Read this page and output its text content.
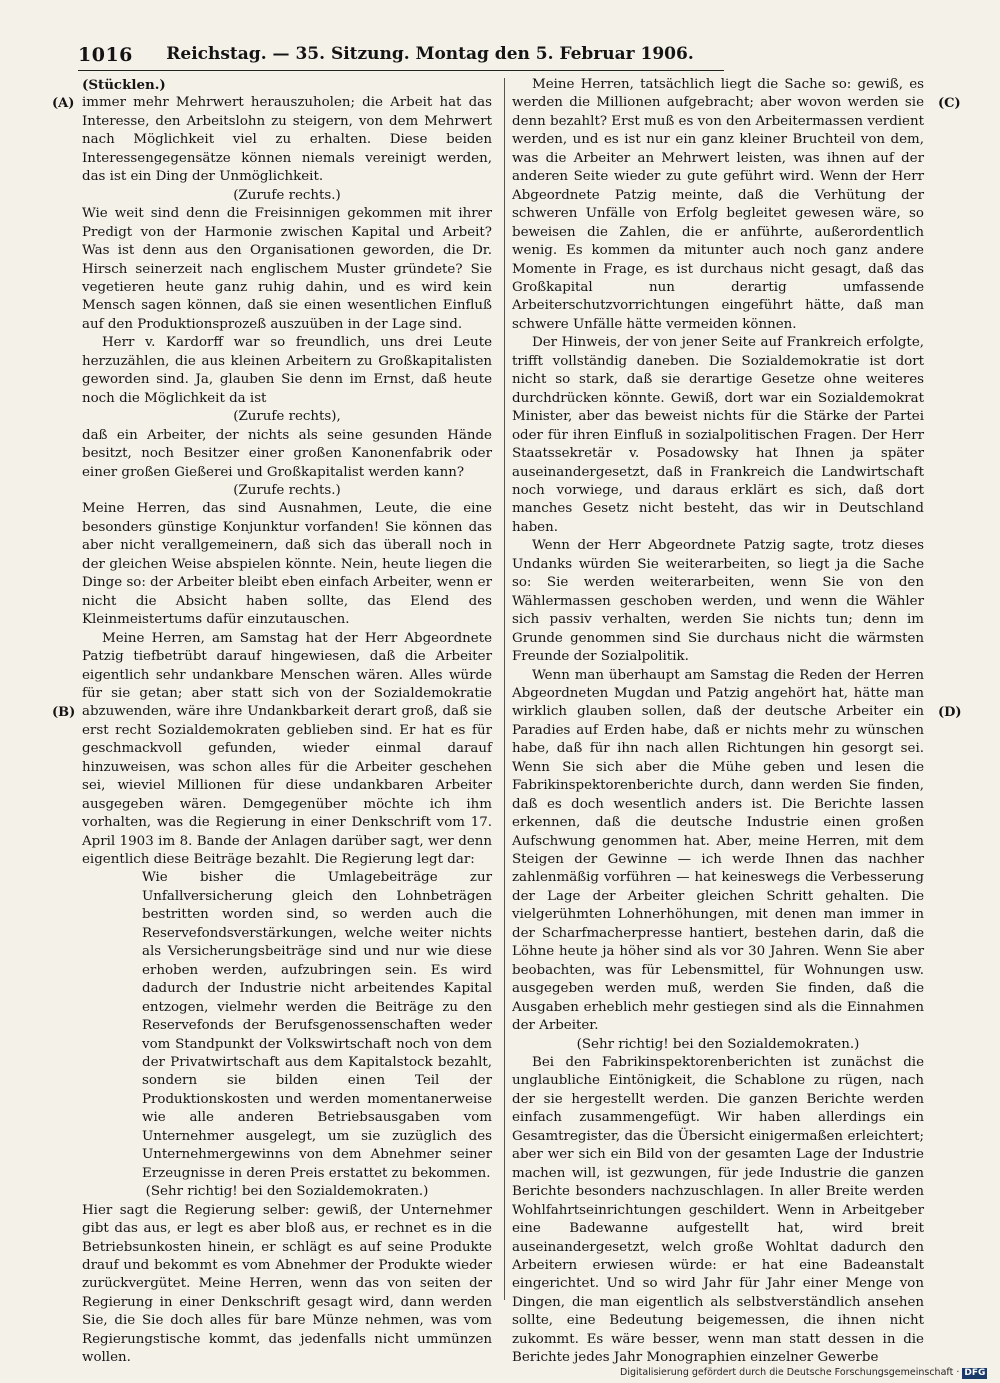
1016	Reichstag. — 35. Sitzung. Montag den 5. Februar 1906.
(A)
(B)
(C)
(D)

(Stücklen.)

immer mehr Mehrwert herauszuholen; die Arbeit hat das Interesse, den Arbeitslohn zu steigern, von dem Mehrwert nach Möglichkeit viel zu erhalten. Diese beiden Interessengegensätze können niemals vereinigt werden, das ist ein Ding der Unmöglichkeit.

(Zurufe rechts.)

Wie weit sind denn die Freisinnigen gekommen mit ihrer Predigt von der Harmonie zwischen Kapital und Arbeit? Was ist denn aus den Organisationen geworden, die Dr. Hirsch seinerzeit nach englischem Muster gründete? Sie vegetieren heute ganz ruhig dahin, und es wird kein Mensch sagen können, daß sie einen wesentlichen Einfluß auf den Produktionsprozeß auszuüben in der Lage sind.

Herr v. Kardorff war so freundlich, uns drei Leute herzuzählen, die aus kleinen Arbeitern zu Großkapitalisten geworden sind. Ja, glauben Sie denn im Ernst, daß heute noch die Möglichkeit da ist

(Zurufe rechts),

daß ein Arbeiter, der nichts als seine gesunden Hände besitzt, noch Besitzer einer großen Kanonenfabrik oder einer großen Gießerei und Großkapitalist werden kann?

(Zurufe rechts.)

Meine Herren, das sind Ausnahmen, Leute, die eine besonders günstige Konjunktur vorfanden! Sie können das aber nicht verallgemeinern, daß sich das überall noch in der gleichen Weise abspielen könnte. Nein, heute liegen die Dinge so: der Arbeiter bleibt eben einfach Arbeiter, wenn er nicht die Absicht haben sollte, das Elend des Kleinmeistertums dafür einzutauschen.

Meine Herren, am Samstag hat der Herr Abgeordnete Patzig tiefbetrübt darauf hingewiesen, daß die Arbeiter eigentlich sehr undankbare Menschen wären. Alles würde für sie getan; aber statt sich von der Sozialdemokratie abzuwenden, wäre ihre Undankbarkeit derart groß, daß sie erst recht Sozialdemokraten geblieben sind. Er hat es für geschmackvoll gefunden, wieder einmal darauf hinzuweisen, was schon alles für die Arbeiter geschehen sei, wieviel Millionen für diese undankbaren Arbeiter ausgegeben wären. Demgegenüber möchte ich ihm vorhalten, was die Regierung in einer Denkschrift vom 17. April 1903 im 8. Bande der Anlagen darüber sagt, wer denn eigentlich diese Beiträge bezahlt. Die Regierung legt dar:

Wie bisher die Umlagebeiträge zur Unfallversicherung gleich den Lohnbeträgen bestritten worden sind, so werden auch die Reservefondsverstärkungen, welche weiter nichts als Versicherungsbeiträge sind und nur wie diese erhoben werden, aufzubringen sein. Es wird dadurch der Industrie nicht arbeitendes Kapital entzogen, vielmehr werden die Beiträge zu den Reservefonds der Berufsgenossenschaften weder vom Standpunkt der Volkswirtschaft noch von dem der Privatwirtschaft aus dem Kapitalstock bezahlt, sondern sie bilden einen Teil der Produktionskosten und werden momentanerweise wie alle anderen Betriebsausgaben vom Unternehmer ausgelegt, um sie zuzüglich des Unternehmergewinns von dem Abnehmer seiner Erzeugnisse in deren Preis erstattet zu bekommen.

(Sehr richtig! bei den Sozialdemokraten.)

Hier sagt die Regierung selber: gewiß, der Unternehmer gibt das aus, er legt es aber bloß aus, er rechnet es in die Betriebsunkosten hinein, er schlägt es auf seine Produkte drauf und bekommt es vom Abnehmer der Produkte wieder zurückvergütet. Meine Herren, wenn das von seiten der Regierung in einer Denkschrift gesagt wird, dann werden Sie, die Sie doch alles für bare Münze nehmen, was vom Regierungstische kommt, das jedenfalls nicht ummünzen wollen.

Meine Herren, tatsächlich liegt die Sache so: gewiß, es werden die Millionen aufgebracht; aber wovon werden sie denn bezahlt? Erst muß es von den Arbeitermassen verdient werden, und es ist nur ein ganz kleiner Bruchteil von dem, was die Arbeiter an Mehrwert leisten, was ihnen auf der anderen Seite wieder zu gute geführt wird. Wenn der Herr Abgeordnete Patzig meinte, daß die Verhütung der schweren Unfälle von Erfolg begleitet gewesen wäre, so beweisen die Zahlen, die er anführte, außerordentlich wenig. Es kommen da mitunter auch noch ganz andere Momente in Frage, es ist durchaus nicht gesagt, daß das Großkapital nun derartig umfassende Arbeiterschutzvorrichtungen eingeführt hätte, daß man schwere Unfälle hätte vermeiden können.

Der Hinweis, der von jener Seite auf Frankreich erfolgte, trifft vollständig daneben. Die Sozialdemokratie ist dort nicht so stark, daß sie derartige Gesetze ohne weiteres durchdrücken könnte. Gewiß, dort war ein Sozialdemokrat Minister, aber das beweist nichts für die Stärke der Partei oder für ihren Einfluß in sozialpolitischen Fragen. Der Herr Staatssekretär v. Posadowsky hat Ihnen ja später auseinandergesetzt, daß in Frankreich die Landwirtschaft noch vorwiege, und daraus erklärt es sich, daß dort manches Gesetz nicht besteht, das wir in Deutschland haben.

Wenn der Herr Abgeordnete Patzig sagte, trotz dieses Undanks würden Sie weiterarbeiten, so liegt ja die Sache so: Sie werden weiterarbeiten, wenn Sie von den Wählermassen geschoben werden, und wenn die Wähler sich passiv verhalten, werden Sie nichts tun; denn im Grunde genommen sind Sie durchaus nicht die wärmsten Freunde der Sozialpolitik.

Wenn man überhaupt am Samstag die Reden der Herren Abgeordneten Mugdan und Patzig angehört hat, hätte man wirklich glauben sollen, daß der deutsche Arbeiter ein Paradies auf Erden habe, daß er nichts mehr zu wünschen habe, daß für ihn nach allen Richtungen hin gesorgt sei. Wenn Sie sich aber die Mühe geben und lesen die Fabrikinspektorenberichte durch, dann werden Sie finden, daß es doch wesentlich anders ist. Die Berichte lassen erkennen, daß die deutsche Industrie einen großen Aufschwung genommen hat. Aber, meine Herren, mit dem Steigen der Gewinne — ich werde Ihnen das nachher zahlenmäßig vorführen — hat keineswegs die Verbesserung der Lage der Arbeiter gleichen Schritt gehalten. Die vielgerühmten Lohnerhöhungen, mit denen man immer in der Scharfmacherpresse hantiert, bestehen darin, daß die Löhne heute ja höher sind als vor 30 Jahren. Wenn Sie aber beobachten, was für Lebensmittel, für Wohnungen usw. ausgegeben werden muß, werden Sie finden, daß die Ausgaben erheblich mehr gestiegen sind als die Einnahmen der Arbeiter.

(Sehr richtig! bei den Sozialdemokraten.)

Bei den Fabrikinspektorenberichten ist zunächst die unglaubliche Eintönigkeit, die Schablone zu rügen, nach der sie hergestellt werden. Die ganzen Berichte werden einfach zusammengefügt. Wir haben allerdings ein Gesamtregister, das die Übersicht einigermaßen erleichtert; aber wer sich ein Bild von der gesamten Lage der Industrie machen will, ist gezwungen, für jede Industrie die ganzen Berichte besonders nachzuschlagen. In aller Breite werden Wohlfahrtseinrichtungen geschildert. Wenn in Arbeitgeber eine Badewanne aufgestellt hat, wird breit auseinandergesetzt, welch große Wohltat dadurch den Arbeitern erwiesen würde: er hat eine Badeanstalt eingerichtet. Und so wird Jahr für Jahr einer Menge von Dingen, die man eigentlich als selbstverständlich ansehen sollte, eine Bedeutung beigemessen, die ihnen nicht zukommt. Es wäre besser, wenn man statt dessen in die Berichte jedes Jahr Monographien einzelner Gewerbe

Digitalisierung gefördert durch die Deutsche Forschungsgemeinschaft · DFG
